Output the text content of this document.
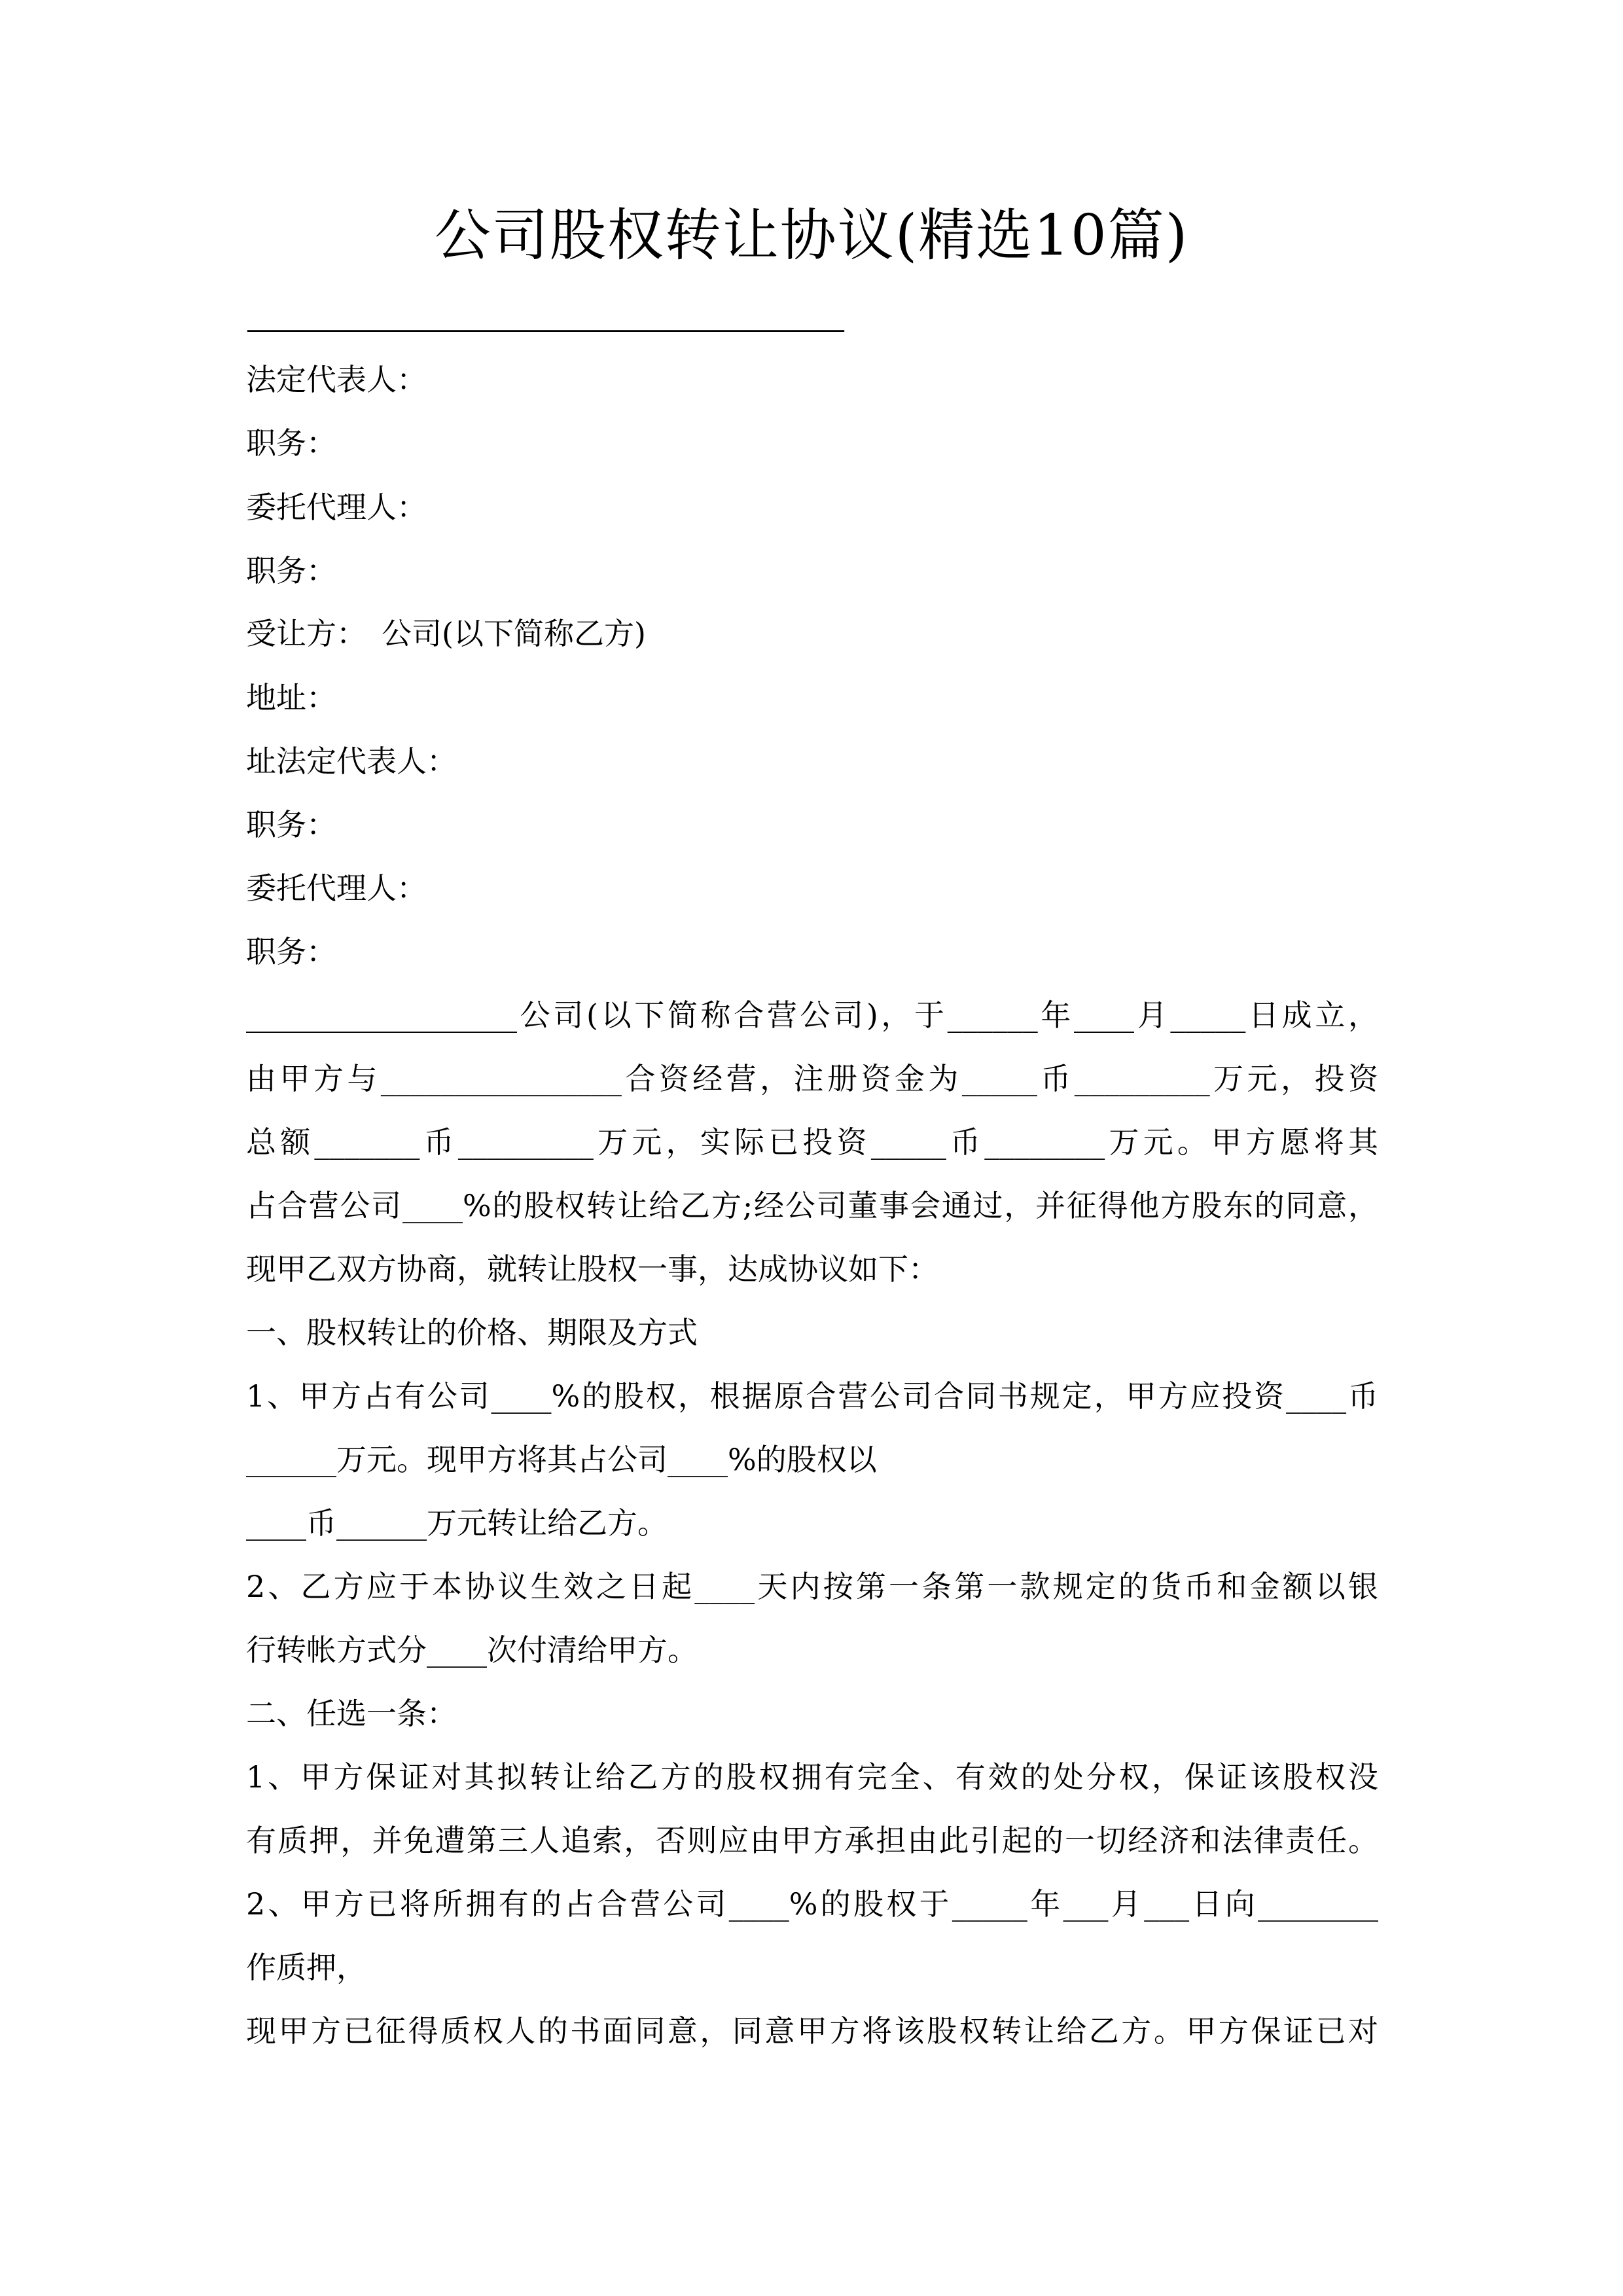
公司股权转让协议(精选10篇)
————————————————————————
法定代表人：
职务：
委托代理人：
职务：
受让方：　公司(以下简称乙方)
地址：
址法定代表人：
职务：
委托代理人：
职务：
__________________公司(以下简称合营公司)，于______年____月_____日成立，
由甲方与________________合资经营，注册资金为_____币_________万元，投资
总额_______币_________万元，实际已投资_____币________万元。甲方愿将其
占合营公司____%的股权转让给乙方;经公司董事会通过，并征得他方股东的同意，
现甲乙双方协商，就转让股权一事，达成协议如下：
一、股权转让的价格、期限及方式
1、甲方占有公司____%的股权，根据原合营公司合同书规定，甲方应投资____币
______万元。现甲方将其占公司____%的股权以
____币______万元转让给乙方。
2、乙方应于本协议生效之日起____天内按第一条第一款规定的货币和金额以银
行转帐方式分____次付清给甲方。
二、任选一条：
1、甲方保证对其拟转让给乙方的股权拥有完全、有效的处分权，保证该股权没
有质押，并免遭第三人追索，否则应由甲方承担由此引起的一切经济和法律责任。
2、甲方已将所拥有的占合营公司____%的股权于_____年___月___日向________
作质押，
现甲方已征得质权人的书面同意，同意甲方将该股权转让给乙方。甲方保证已对
